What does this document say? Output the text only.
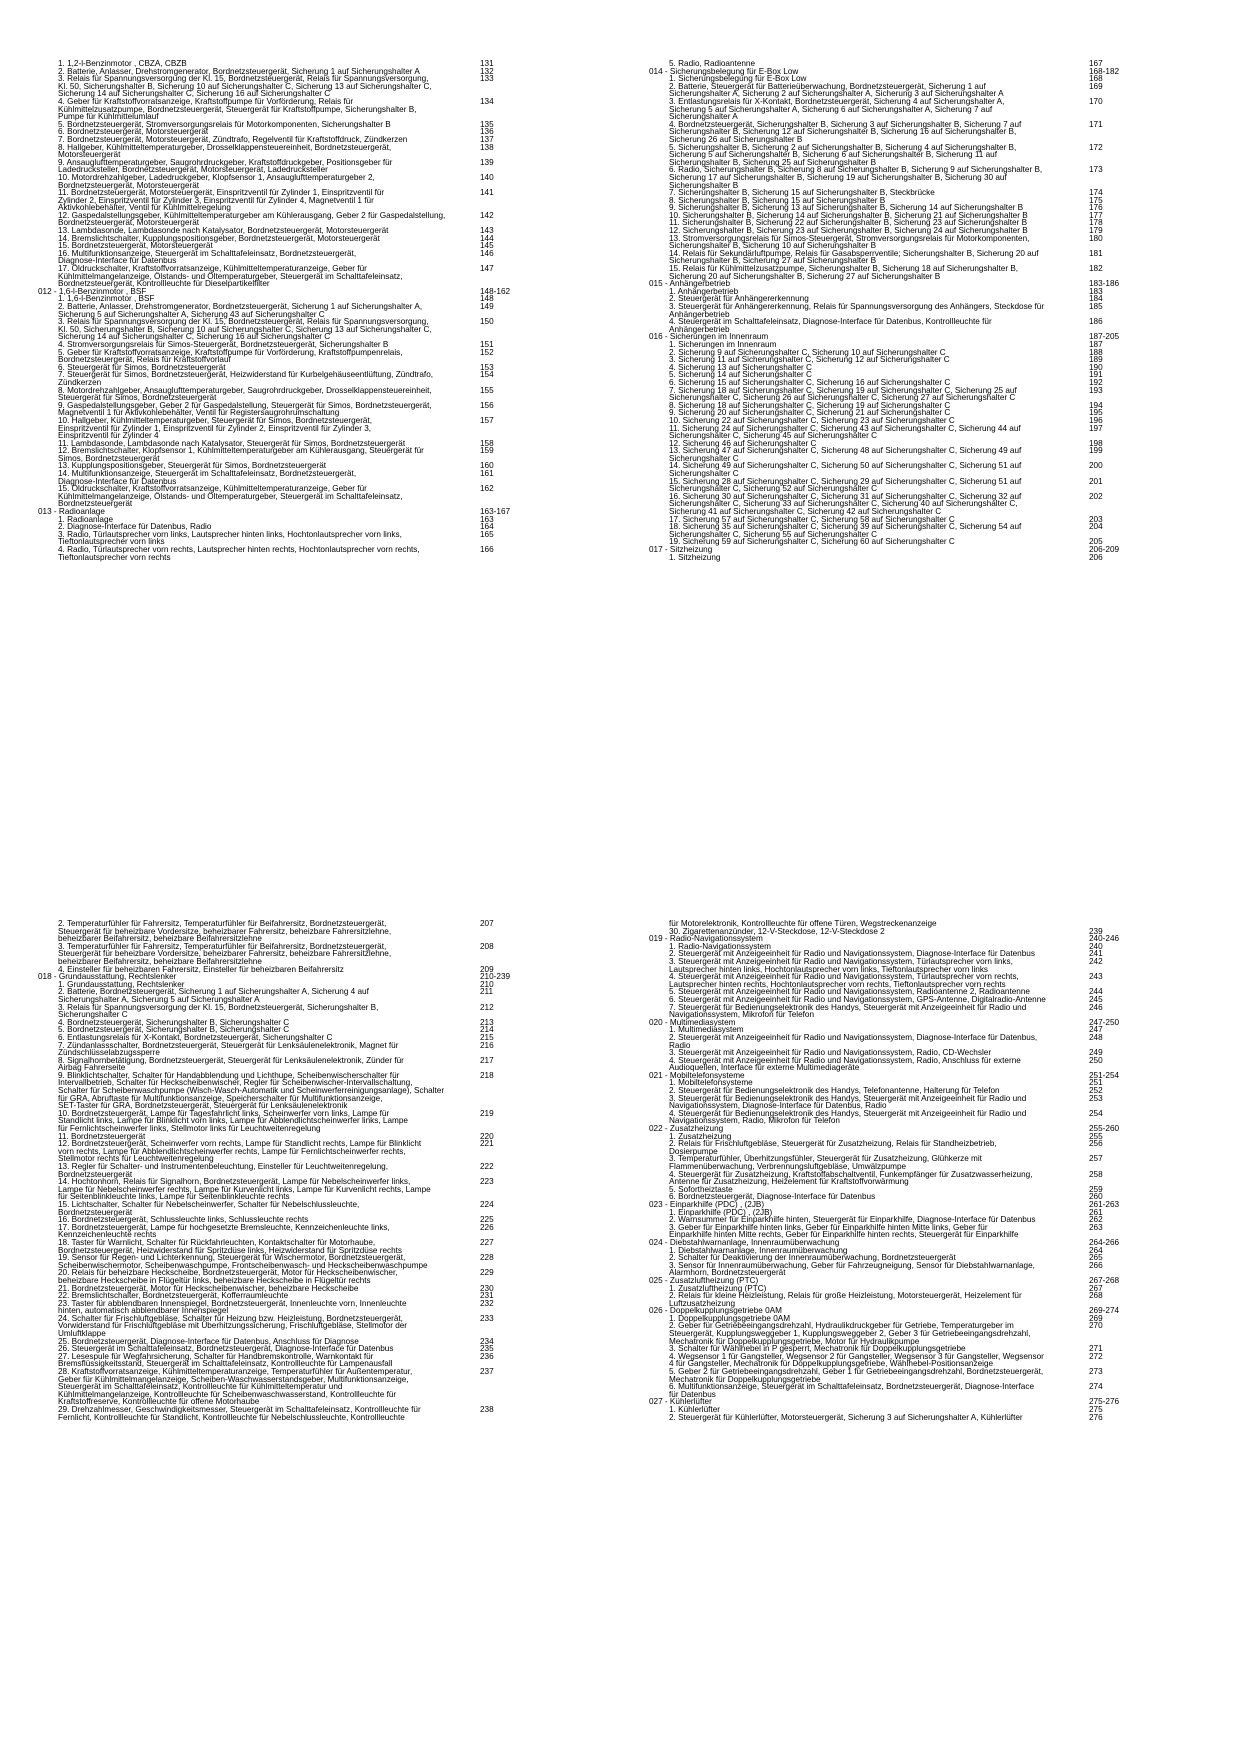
1. 1,2-l-Benzinmotor , CBZA, CBZB	131
2. Batterie, Anlasser, Drehstromgenerator, Bordnetzsteuergerät, Sicherung 1 auf Sicherungshalter A	132
3. Relais für Spannungsversorgung der Kl. 15, Bordnetzsteuergerät, Relais für Spannungsversorgung,	133
Kl. 50, Sicherungshalter B, Sicherung 10 auf Sicherungshalter C, Sicherung 13 auf Sicherungshalter C,
Sicherung 14 auf Sicherungshalter C, Sicherung 16 auf Sicherungshalter C
4. Geber für Kraftstoffvorratsanzeige, Kraftstoffpumpe für Vorförderung, Relais für	134
Kühlmittelzusatzpumpe, Bordnetzsteuergerät, Steuergerät für Kraftstoffpumpe, Sicherungshalter B,
Pumpe für Kühlmittelumlauf
5. Bordnetzsteuergerät, Stromversorgungsrelais für Motorkomponenten, Sicherungshalter B	135
6. Bordnetzsteuergerät, Motorsteuergerät	136
7. Bordnetzsteuergerät, Motorsteuergerät, Zündtrafo, Regelventil für Kraftstoffdruck, Zündkerzen	137
8. Hallgeber, Kühlmitteltemperaturgeber, Drosselklappensteuereinheit, Bordnetzsteuergerät,	138
Motorsteuergerät
9. Ansauglufttemperaturgeber, Saugrohrdruckgeber, Kraftstoffdruckgeber, Positionsgeber für	139
Ladedrucksteller, Bordnetzsteuergerät, Motorsteuergerät, Ladedrucksteller
10. Motordrehzahlgeber, Ladedruckgeber, Klopfsensor 1, Ansauglufttemperaturgeber 2,	140
Bordnetzsteuergerät, Motorsteuergerät
11. Bordnetzsteuergerät, Motorsteuergerät, Einspritzventil für Zylinder 1, Einspritzventil für	141
Zylinder 2, Einspritzventil für Zylinder 3, Einspritzventil für Zylinder 4, Magnetventil 1 für
Aktivkohlebehälter, Ventil für Kühlmittelregelung
12. Gaspedalstellungsgeber, Kühlmitteltemperaturgeber am Kühlerausgang, Geber 2 für Gaspedalstellung,	142
Bordnetzsteuergerät, Motorsteuergerät
13. Lambdasonde, Lambdasonde nach Katalysator, Bordnetzsteuergerät, Motorsteuergerät	143
14. Bremslichtschalter, Kupplungspositionsgeber, Bordnetzsteuergerät, Motorsteuergerät	144
15. Bordnetzsteuergerät, Motorsteuergerät	145
16. Multifunktionsanzeige, Steuergerät im Schalttafeleinsatz, Bordnetzsteuergerät,	146
Diagnose-Interface für Datenbus
17. Öldruckschalter, Kraftstoffvorratsanzeige, Kühlmitteltemperaturanzeige, Geber für	147
Kühlmittelmangelanzeige, Ölstands- und Öltemperaturgeber, Steuergerät im Schalttafeleinsatz,
Bordnetzsteuergerät, Kontrollleuchte für Dieselpartikelfilter
012 - 1,6-l-Benzinmotor , BSF	148-162
1. 1,6-l-Benzinmotor , BSF	148
2. Batterie, Anlasser, Drehstromgenerator, Bordnetzsteuergerät, Sicherung 1 auf Sicherungshalter A,	149
Sicherung 5 auf Sicherungshalter A, Sicherung 43 auf Sicherungshalter C
3. Relais für Spannungsversorgung der Kl. 15, Bordnetzsteuergerät, Relais für Spannungsversorgung,	150
Kl. 50, Sicherungshalter B, Sicherung 10 auf Sicherungshalter C, Sicherung 13 auf Sicherungshalter C,
Sicherung 14 auf Sicherungshalter C, Sicherung 16 auf Sicherungshalter C
4. Stromversorgungsrelais für Simos-Steuergerät, Bordnetzsteuergerät, Sicherungshalter B	151
5. Geber für Kraftstoffvorratsanzeige, Kraftstoffpumpe für Vorförderung, Kraftstoffpumpenrelais,	152
Bordnetzsteuergerät, Relais für Kraftstoffvorlauf
6. Steuergerät für Simos, Bordnetzsteuergerät	153
7. Steuergerät für Simos, Bordnetzsteuergerät, Heizwiderstand für Kurbelgehäuseentlüftung, Zündtrafo,	154
Zündkerzen
8. Motordrehzahlgeber, Ansauglufttemperaturgeber, Saugrohrdruckgeber, Drosselklappensteuereinheit,	155
Steuergerät für Simos, Bordnetzsteuergerät
9. Gaspedalstellungsgeber, Geber 2 für Gaspedalstellung, Steuergerät für Simos, Bordnetzsteuergerät,	156
Magnetventil 1 für Aktivkohlebehälter, Ventil für Registersaugrohrumschaltung
10. Hallgeber, Kühlmitteltemperaturgeber, Steuergerät für Simos, Bordnetzsteuergerät,	157
Einspritzventil für Zylinder 1, Einspritzventil für Zylinder 2, Einspritzventil für Zylinder 3,
Einspritzventil für Zylinder 4
11. Lambdasonde, Lambdasonde nach Katalysator, Steuergerät für Simos, Bordnetzsteuergerät	158
12. Bremslichtschalter, Klopfsensor 1, Kühlmitteltemperaturgeber am Kühlerausgang, Steuergerät für	159
Simos, Bordnetzsteuergerät
13. Kupplungspositionsgeber, Steuergerät für Simos, Bordnetzsteuergerät	160
14. Multifunktionsanzeige, Steuergerät im Schalttafeleinsatz, Bordnetzsteuergerät,	161
Diagnose-Interface für Datenbus
15. Öldruckschalter, Kraftstoffvorratsanzeige, Kühlmitteltemperaturanzeige, Geber für	162
Kühlmittelmangelanzeige, Ölstands- und Öltemperaturgeber, Steuergerät im Schalttafeleinsatz,
Bordnetzsteuergerät
013 - Radioanlage	163-167
1. Radioanlage	163
2. Diagnose-Interface für Datenbus, Radio	164
3. Radio, Türlautsprecher vorn links, Lautsprecher hinten links, Hochtonlautsprecher vorn links,	165
Tieftonlautsprecher vorn links
4. Radio, Türlautsprecher vorn rechts, Lautsprecher hinten rechts, Hochtonlautsprecher vorn rechts,	166
Tieftonlautsprecher vorn rechts
5. Radio, Radioantenne	167
014 - Sicherungsbelegung für E-Box Low	168-182
1. Sicherungsbelegung für E-Box Low	168
2. Batterie, Steuergerät für Batterieüberwachung, Bordnetzsteuergerät, Sicherung 1 auf	169
Sicherungshalter A, Sicherung 2 auf Sicherungshalter A, Sicherung 3 auf Sicherungshalter A
3. Entlastungsrelais für X-Kontakt, Bordnetzsteuergerät, Sicherung 4 auf Sicherungshalter A,	170
Sicherung 5 auf Sicherungshalter A, Sicherung 6 auf Sicherungshalter A, Sicherung 7 auf
Sicherungshalter A
4. Bordnetzsteuergerät, Sicherungshalter B, Sicherung 3 auf Sicherungshalter B, Sicherung 7 auf	171
Sicherungshalter B, Sicherung 12 auf Sicherungshalter B, Sicherung 16 auf Sicherungshalter B,
Sicherung 26 auf Sicherungshalter B
5. Sicherungshalter B, Sicherung 2 auf Sicherungshalter B, Sicherung 4 auf Sicherungshalter B,	172
Sicherung 5 auf Sicherungshalter B, Sicherung 6 auf Sicherungshalter B, Sicherung 11 auf
Sicherungshalter B, Sicherung 25 auf Sicherungshalter B
6. Radio, Sicherungshalter B, Sicherung 8 auf Sicherungshalter B, Sicherung 9 auf Sicherungshalter B,	173
Sicherung 17 auf Sicherungshalter B, Sicherung 19 auf Sicherungshalter B, Sicherung 30 auf
Sicherungshalter B
7. Sicherungshalter B, Sicherung 15 auf Sicherungshalter B, Steckbrücke	174
8. Sicherungshalter B, Sicherung 15 auf Sicherungshalter B	175
9. Sicherungshalter B, Sicherung 13 auf Sicherungshalter B, Sicherung 14 auf Sicherungshalter B	176
10. Sicherungshalter B, Sicherung 14 auf Sicherungshalter B, Sicherung 21 auf Sicherungshalter B	177
11. Sicherungshalter B, Sicherung 22 auf Sicherungshalter B, Sicherung 23 auf Sicherungshalter B	178
12. Sicherungshalter B, Sicherung 23 auf Sicherungshalter B, Sicherung 24 auf Sicherungshalter B	179
13. Stromversorgungsrelais für Simos-Steuergerät, Stromversorgungsrelais für Motorkomponenten,	180
Sicherungshalter B, Sicherung 10 auf Sicherungshalter B
14. Relais für Sekundärluftpumpe, Relais für Gasabsperrventile; Sicherungshalter B, Sicherung 20 auf	181
Sicherungshalter B, Sicherung 27 auf Sicherungshalter B
15. Relais für Kühlmittelzusatzpumpe, Sicherungshalter B, Sicherung 18 auf Sicherungshalter B,	182
Sicherung 20 auf Sicherungshalter B, Sicherung 27 auf Sicherungshalter B
015 - Anhängerbetrieb	183-186
1. Anhängerbetrieb	183
2. Steuergerät für Anhängererkennung	184
3. Steuergerät für Anhängererkennung, Relais für Spannungsversorgung des Anhängers, Steckdose für	185
Anhängerbetrieb
4. Steuergerät im Schalttafeleinsatz, Diagnose-Interface für Datenbus, Kontrollleuchte für	186
Anhängerbetrieb
016 - Sicherungen im Innenraum	187-205
1. Sicherungen im Innenraum	187
2. Sicherung 9 auf Sicherungshalter C, Sicherung 10 auf Sicherungshalter C	188
3. Sicherung 11 auf Sicherungshalter C, Sicherung 12 auf Sicherungshalter C	189
4. Sicherung 13 auf Sicherungshalter C	190
5. Sicherung 14 auf Sicherungshalter C	191
6. Sicherung 15 auf Sicherungshalter C, Sicherung 16 auf Sicherungshalter C	192
7. Sicherung 18 auf Sicherungshalter C, Sicherung 19 auf Sicherungshalter C, Sicherung 25 auf	193
Sicherungshalter C, Sicherung 26 auf Sicherungshalter C, Sicherung 27 auf Sicherungshalter C
8. Sicherung 18 auf Sicherungshalter C, Sicherung 19 auf Sicherungshalter C	194
9. Sicherung 20 auf Sicherungshalter C, Sicherung 21 auf Sicherungshalter C	195
10. Sicherung 22 auf Sicherungshalter C, Sicherung 23 auf Sicherungshalter C	196
11. Sicherung 24 auf Sicherungshalter C, Sicherung 43 auf Sicherungshalter C, Sicherung 44 auf	197
Sicherungshalter C, Sicherung 45 auf Sicherungshalter C
12. Sicherung 46 auf Sicherungshalter C	198
13. Sicherung 47 auf Sicherungshalter C, Sicherung 48 auf Sicherungshalter C, Sicherung 49 auf	199
Sicherungshalter C
14. Sicherung 49 auf Sicherungshalter C, Sicherung 50 auf Sicherungshalter C, Sicherung 51 auf	200
Sicherungshalter C
15. Sicherung 28 auf Sicherungshalter C, Sicherung 29 auf Sicherungshalter C, Sicherung 51 auf	201
Sicherungshalter C, Sicherung 52 auf Sicherungshalter C
16. Sicherung 30 auf Sicherungshalter C, Sicherung 31 auf Sicherungshalter C, Sicherung 32 auf	202
Sicherungshalter C, Sicherung 33 auf Sicherungshalter C, Sicherung 40 auf Sicherungshalter C,
Sicherung 41 auf Sicherungshalter C, Sicherung 42 auf Sicherungshalter C
17. Sicherung 57 auf Sicherungshalter C, Sicherung 58 auf Sicherungshalter C	203
18. Sicherung 35 auf Sicherungshalter C, Sicherung 39 auf Sicherungshalter C, Sicherung 54 auf	204
Sicherungshalter C, Sicherung 55 auf Sicherungshalter C
19. Sicherung 59 auf Sicherungshalter C, Sicherung 60 auf Sicherungshalter C	205
017 - Sitzheizung	206-209
1. Sitzheizung	206
2. Temperaturfühler für Fahrersitz, Temperaturfühler für Beifahrersitz, Bordnetzsteuergerät,	207
Steuergerät für beheizbare Vordersitze, beheizbarer Fahrersitz, beheizbare Fahrersitzlehne,
beheizbarer Beifahrersitz, beheizbare Beifahrersitzlehne
3. Temperaturfühler für Fahrersitz, Temperaturfühler für Beifahrersitz, Bordnetzsteuergerät,	208
Steuergerät für beheizbare Vordersitze, beheizbarer Fahrersitz, beheizbare Fahrersitzlehne,
beheizbarer Beifahrersitz, beheizbare Beifahrersitzlehne
4. Einsteller für beheizbaren Fahrersitz, Einsteller für beheizbaren Beifahrersitz	209
018 - Grundausstattung, Rechtslenker	210-239
1. Grundausstattung, Rechtslenker	210
2. Batterie, Bordnetzsteuergerät, Sicherung 1 auf Sicherungshalter A, Sicherung 4 auf	211
Sicherungshalter A, Sicherung 5 auf Sicherungshalter A
3. Relais für Spannungsversorgung der Kl. 15, Bordnetzsteuergerät, Sicherungshalter B,	212
Sicherungshalter C
4. Bordnetzsteuergerät, Sicherungshalter B, Sicherungshalter C	213
5. Bordnetzsteuergerät, Sicherungshalter B, Sicherungshalter C	214
6. Entlastungsrelais für X-Kontakt, Bordnetzsteuergerät, Sicherungshalter C	215
7. Zündanlassschalter, Bordnetzsteuergerät, Steuergerät für Lenksäulenelektronik, Magnet für	216
Zündschlüsselabzugssperre
8. Signalhornbetätigung, Bordnetzsteuergerät, Steuergerät für Lenksäulenelektronik, Zünder für	217
Airbag Fahrerseite
9. Blinklichtschalter, Schalter für Handabblendung und Lichthupe, Scheibenwischerschalter für	218
Intervallbetrieb, Schalter für Heckscheibenwischer, Regler für Scheibenwischer-Intervallschaltung,
Schalter für Scheibenwaschpumpe (Wisch-Wasch-Automatik und Scheinwerferreinigungsanlage), Schalter
für GRA, Abruftaste für Multifunktionsanzeige, Speicherschalter für Multifunktionsanzeige,
SET-Taster für GRA, Bordnetzsteuergerät, Steuergerät für Lenksäulenelektronik
10. Bordnetzsteuergerät, Lampe für Tagesfahrlicht links, Scheinwerfer vorn links, Lampe für	219
Standlicht links, Lampe für Blinklicht vorn links, Lampe für Abblendlichtscheinwerfer links, Lampe
für Fernlichtscheinwerfer links, Stellmotor links für Leuchtweitenregelung
11. Bordnetzsteuergerät	220
12. Bordnetzsteuergerät, Scheinwerfer vorn rechts, Lampe für Standlicht rechts, Lampe für Blinklicht	221
vorn rechts, Lampe für Abblendlichtscheinwerfer rechts, Lampe für Fernlichtscheinwerfer rechts,
Stellmotor rechts für Leuchtweitenregelung
13. Regler für Schalter- und Instrumentenbeleuchtung, Einsteller für Leuchtweitenregelung,	222
Bordnetzsteuergerät
14. Hochtonhorn, Relais für Signalhorn, Bordnetzsteuergerät, Lampe für Nebelscheinwerfer links,	223
Lampe für Nebelscheinwerfer rechts, Lampe für Kurvenlicht links, Lampe für Kurvenlicht rechts, Lampe
für Seitenblinkleuchte links, Lampe für Seitenblinkleuchte rechts
15. Lichtschalter, Schalter für Nebelscheinwerfer, Schalter für Nebelschlussleuchte,	224
Bordnetzsteuergerät
16. Bordnetzsteuergerät, Schlussleuchte links, Schlussleuchte rechts	225
17. Bordnetzsteuergerät, Lampe für hochgesetzte Bremsleuchte, Kennzeichenleuchte links,	226
Kennzeichenleuchte rechts
18. Taster für Warnlicht, Schalter für Rückfahrleuchten, Kontaktschalter für Motorhaube,	227
Bordnetzsteuergerät, Heizwiderstand für Spritzdüse links, Heizwiderstand für Spritzdüse rechts
19. Sensor für Regen- und Lichterkennung, Steuergerät für Wischermotor, Bordnetzsteuergerät,	228
Scheibenwischermotor, Scheibenwaschpumpe, Frontscheibenwasch- und Heckscheibenwaschpumpe
20. Relais für beheizbare Heckscheibe, Bordnetzsteuergerät, Motor für Heckscheibenwischer,	229
beheizbare Heckscheibe in Flügeltür links, beheizbare Heckscheibe in Flügeltür rechts
21. Bordnetzsteuergerät, Motor für Heckscheibenwischer, beheizbare Heckscheibe	230
22. Bremslichtschalter, Bordnetzsteuergerät, Kofferraumleuchte	231
23. Taster für abblendbaren Innenspiegel, Bordnetzsteuergerät, Innenleuchte vorn, Innenleuchte	232
hinten, automatisch abblendbarer Innenspiegel
24. Schalter für Frischluftgebläse, Schalter für Heizung bzw. Heizleistung, Bordnetzsteuergerät,	233
Vorwiderstand für Frischluftgebläse mit Überhitzungssicherung, Frischluftgebläse, Stellmotor der
Umluftklappe
25. Bordnetzsteuergerät, Diagnose-Interface für Datenbus, Anschluss für Diagnose	234
26. Steuergerät im Schalttafeleinsatz, Bordnetzsteuergerät, Diagnose-Interface für Datenbus	235
27. Lesespule für Wegfahrsicherung, Schalter für Handbremskontrolle, Warnkontakt für	236
Bremsflüssigkeitsstand, Steuergerät im Schalttafeleinsatz, Kontrollleuchte für Lampenausfall
28. Kraftstoffvorratsanzeige, Kühlmitteltemperaturanzeige, Temperaturfühler für Außentemperatur,	237
Geber für Kühlmittelmangelanzeige, Scheiben-Waschwasserstandsgeber, Multifunktionsanzeige,
Steuergerät im Schalttafeleinsatz, Kontrollleuchte für Kühlmitteltemperatur und
Kühlmittelmangelanzeige, Kontrollleuchte für Scheibenwaschwasserstand, Kontrollleuchte für
Kraftstoffreserve, Kontrollleuchte für offene Motorhaube
29. Drehzahlmesser, Geschwindigkeitsmesser, Steuergerät im Schalttafeleinsatz, Kontrollleuchte für	238
Fernlicht, Kontrollleuchte für Standlicht, Kontrollleuchte für Nebelschlussleuchte, Kontrollleuchte
für Motorelektronik, Kontrollleuchte für offene Türen, Wegstreckenanzeige
30. Zigarettenanzünder, 12-V-Steckdose, 12-V-Steckdose 2	239
019 - Radio-Navigationssystem	240-246
1. Radio-Navigationssystem	240
2. Steuergerät mit Anzeigeeinheit für Radio und Navigationssystem, Diagnose-Interface für Datenbus	241
3. Steuergerät mit Anzeigeeinheit für Radio und Navigationssystem, Türlautsprecher vorn links,	242
Lautsprecher hinten links, Hochtonlautsprecher vorn links, Tieftonlautsprecher vorn links
4. Steuergerät mit Anzeigeeinheit für Radio und Navigationssystem, Türlautsprecher vorn rechts,	243
Lautsprecher hinten rechts, Hochtonlautsprecher vorn rechts, Tieftonlautsprecher vorn rechts
5. Steuergerät mit Anzeigeeinheit für Radio und Navigationssystem, Radioantenne 2, Radioantenne	244
6. Steuergerät mit Anzeigeeinheit für Radio und Navigationssystem, GPS-Antenne, Digitalradio-Antenne	245
7. Steuergerät für Bedienungselektronik des Handys, Steuergerät mit Anzeigeeinheit für Radio und	246
Navigationssystem, Mikrofon für Telefon
020 - Multimediasystem	247-250
1. Multimediasystem	247
2. Steuergerät mit Anzeigeeinheit für Radio und Navigationssystem, Diagnose-Interface für Datenbus,	248
Radio
3. Steuergerät mit Anzeigeeinheit für Radio und Navigationssystem, Radio, CD-Wechsler	249
4. Steuergerät mit Anzeigeeinheit für Radio und Navigationssystem, Radio, Anschluss für externe	250
Audioquellen, Interface für externe Multimediageräte
021 - Mobiltelefonsysteme	251-254
1. Mobiltelefonsysteme	251
2. Steuergerät für Bedienungselektronik des Handys, Telefonantenne, Halterung für Telefon	252
3. Steuergerät für Bedienungselektronik des Handys, Steuergerät mit Anzeigeeinheit für Radio und	253
Navigationssystem, Diagnose-Interface für Datenbus, Radio
4. Steuergerät für Bedienungselektronik des Handys, Steuergerät mit Anzeigeeinheit für Radio und	254
Navigationssystem, Radio, Mikrofon für Telefon
022 - Zusatzheizung	255-260
1. Zusatzheizung	255
2. Relais für Frischluftgebläse, Steuergerät für Zusatzheizung, Relais für Standheizbetrieb,	256
Dosierpumpe
3. Temperaturfühler, Überhitzungsfühler, Steuergerät für Zusatzheizung, Glühkerze mit	257
Flammenüberwachung, Verbrennungsluftgebläse, Umwälzpumpe
4. Steuergerät für Zusatzheizung, Kraftstoffabschaltventil, Funkempfänger für Zusatzwasserheizung,	258
Antenne für Zusatzheizung, Heizelement für Kraftstoffvorwärmung
5. Sofortheiztaste	259
6. Bordnetzsteuergerät, Diagnose-Interface für Datenbus	260
023 - Einparkhilfe (PDC) , (2JB)	261-263
1. Einparkhilfe (PDC) , (2JB)	261
2. Warnsummer für Einparkhilfe hinten, Steuergerät für Einparkhilfe, Diagnose-Interface für Datenbus	262
3. Geber für Einparkhilfe hinten links, Geber für Einparkhilfe hinten Mitte links, Geber für	263
Einparkhilfe hinten Mitte rechts, Geber für Einparkhilfe hinten rechts, Steuergerät für Einparkhilfe
024 - Diebstahlwarnanlage, Innenraumüberwachung	264-266
1. Diebstahlwarnanlage, Innenraumüberwachung	264
2. Schalter für Deaktivierung der Innenraumüberwachung, Bordnetzsteuergerät	265
3. Sensor für Innenraumüberwachung, Geber für Fahrzeugneigung, Sensor für Diebstahlwarnanlage,	266
Alarmhorn, Bordnetzsteuergerät
025 - Zusatzluftheizung (PTC)	267-268
1. Zusatzluftheizung (PTC)	267
2. Relais für kleine Heizleistung, Relais für große Heizleistung, Motorsteuergerät, Heizelement für	268
Luftzusatzheizung
026 - Doppelkupplungsgetriebe 0AM	269-274
1. Doppelkupplungsgetriebe 0AM	269
2. Geber für Getriebeeingangsdrehzahl, Hydraulikdruckgeber für Getriebe, Temperaturgeber im	270
Steuergerät, Kupplungsweggeber 1, Kupplungsweggeber 2, Geber 3 für Getriebeeingangsdrehzahl,
Mechatronik für Doppelkupplungsgetriebe, Motor für Hydraulikpumpe
3. Schalter für Wählhebel in P gesperrt, Mechatronik für Doppelkupplungsgetriebe	271
4. Wegsensor 1 für Gangsteller, Wegsensor 2 für Gangsteller, Wegsensor 3 für Gangsteller, Wegsensor	272
4 für Gangsteller, Mechatronik für Doppelkupplungsgetriebe, Wählhebel-Positionsanzeige
5. Geber 2 für Getriebeeingangsdrehzahl, Geber 1 für Getriebeeingangsdrehzahl, Bordnetzsteuergerät,	273
Mechatronik für Doppelkupplungsgetriebe
6. Multifunktionsanzeige, Steuergerät im Schalttafeleinsatz, Bordnetzsteuergerät, Diagnose-Interface	274
für Datenbus
027 - Kühlerlüfter	275-276
1. Kühlerlüfter	275
2. Steuergerät für Kühlerlüfter, Motorsteuergerät, Sicherung 3 auf Sicherungshalter A, Kühlerlüfter	276
